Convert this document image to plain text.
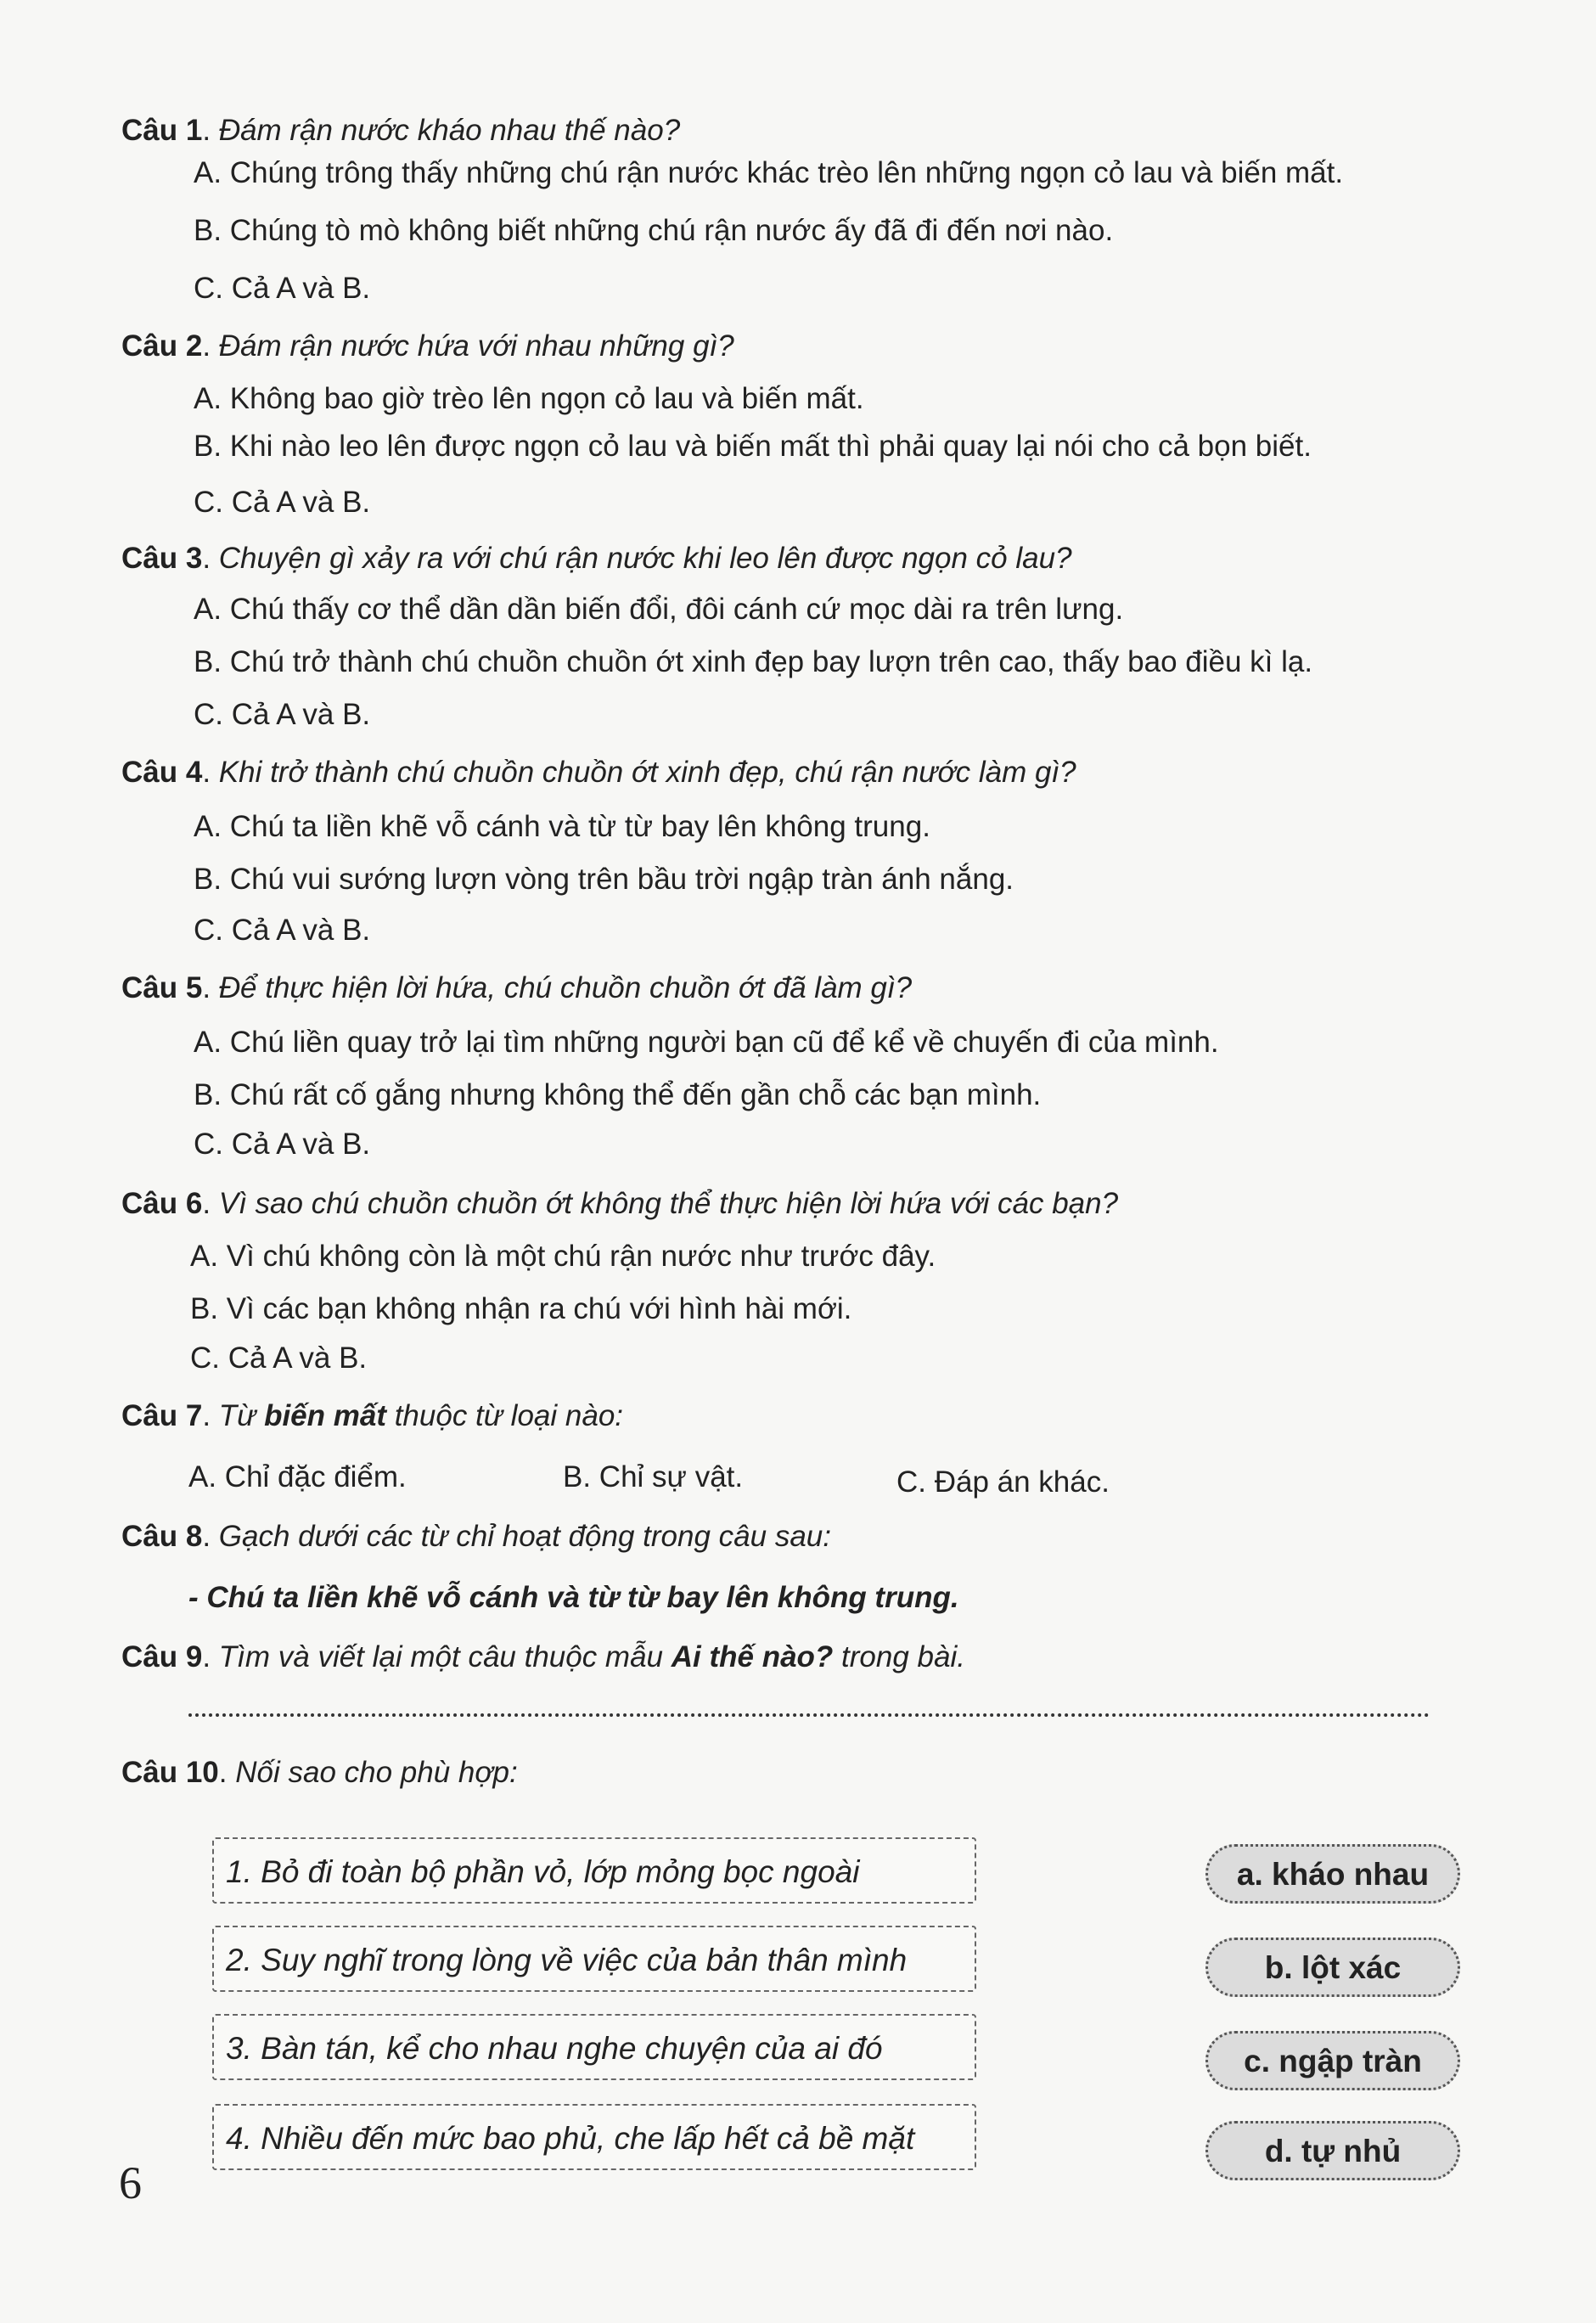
Câu 1. Đám rận nước kháo nhau thế nào?
A. Chúng trông thấy những chú rận nước khác trèo lên những ngọn cỏ lau và biến mất.
B. Chúng tò mò không biết những chú rận nước ấy đã đi đến nơi nào.
C. Cả A và B.
Câu 2. Đám rận nước hứa với nhau những gì?
A. Không bao giờ trèo lên ngọn cỏ lau và biến mất.
B. Khi nào leo lên được ngọn cỏ lau và biến mất thì phải quay lại nói cho cả bọn biết.
C. Cả A và B.
Câu 3. Chuyện gì xảy ra với chú rận nước khi leo lên được ngọn cỏ lau?
A. Chú thấy cơ thể dần dần biến đổi, đôi cánh cứ mọc dài ra trên lưng.
B. Chú trở thành chú chuồn chuồn ớt xinh đẹp bay lượn trên cao, thấy bao điều kì lạ.
C. Cả A và B.
Câu 4. Khi trở thành chú chuồn chuồn ớt xinh đẹp, chú rận nước làm gì?
A. Chú ta liền khẽ vỗ cánh và từ từ bay lên không trung.
B. Chú vui sướng lượn vòng trên bầu trời ngập tràn ánh nắng.
C. Cả A và B.
Câu 5. Để thực hiện lời hứa, chú chuồn chuồn ớt đã làm gì?
A. Chú liền quay trở lại tìm những người bạn cũ để kể về chuyến đi của mình.
B. Chú rất cố gắng nhưng không thể đến gần chỗ các bạn mình.
C. Cả A và B.
Câu 6. Vì sao chú chuồn chuồn ớt không thể thực hiện lời hứa với các bạn?
A. Vì chú không còn là một chú rận nước như trước đây.
B. Vì các bạn không nhận ra chú với hình hài mới.
C. Cả A và B.
Câu 7. Từ biến mất thuộc từ loại nào:
A. Chỉ đặc điểm.	B. Chỉ sự vật.	C. Đáp án khác.
Câu 8. Gạch dưới các từ chỉ hoạt động trong câu sau:
- Chú ta liền khẽ vỗ cánh và từ từ bay lên không trung.
Câu 9. Tìm và viết lại một câu thuộc mẫu Ai thế nào? trong bài.
Câu 10. Nối sao cho phù hợp:
1. Bỏ đi toàn bộ phần vỏ, lớp mỏng bọc ngoài
2. Suy nghĩ trong lòng về việc của bản thân mình
3. Bàn tán, kể cho nhau nghe chuyện của ai đó
4. Nhiều đến mức bao phủ, che lấp hết cả bề mặt
a. kháo nhau
b. lột xác
c. ngập tràn
d. tự nhủ
6
